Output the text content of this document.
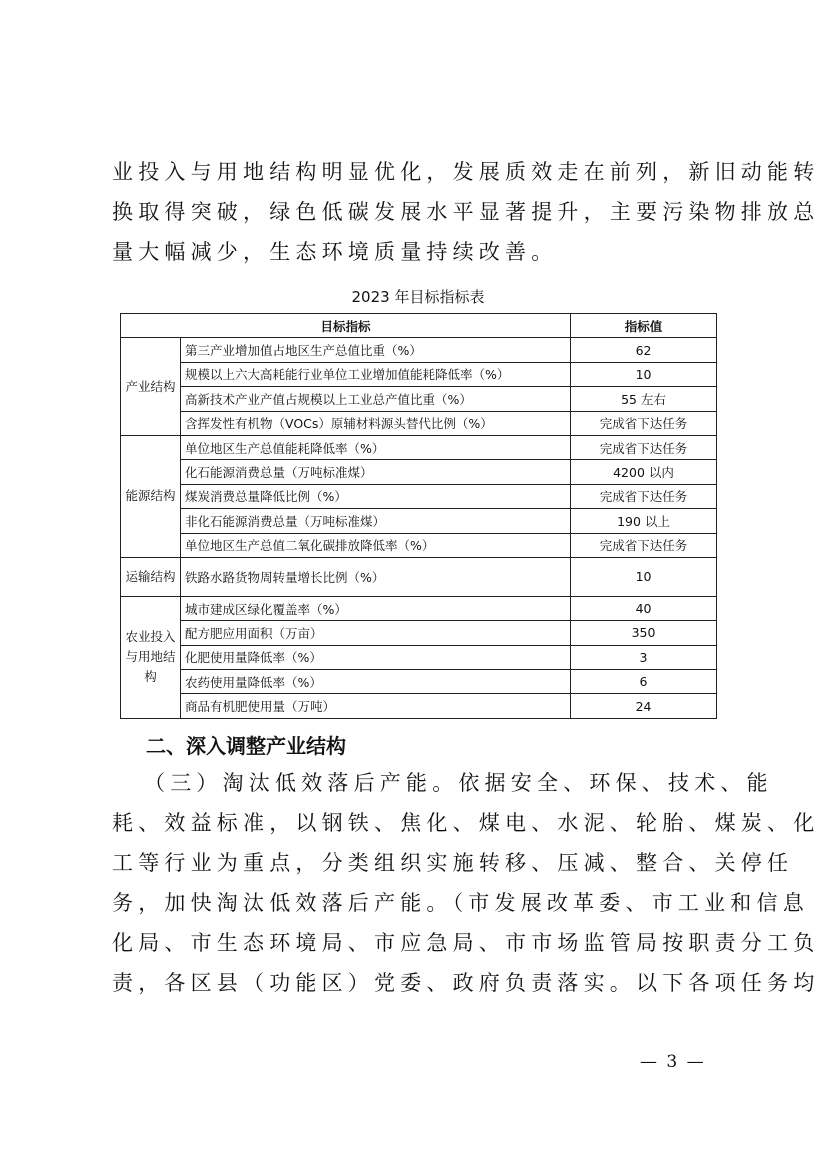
业投入与用地结构明显优化，发展质效走在前列，新旧动能转
换取得突破，绿色低碳发展水平显著提升，主要污染物排放总
量大幅减少，生态环境质量持续改善。

2023 年目标指标表

目标指标		指标值
产业结构	第三产业增加值占地区生产总值比重（%）	62
	规模以上六大高耗能行业单位工业增加值能耗降低率（%）	10
	高新技术产业产值占规模以上工业总产值比重（%）	55 左右
	含挥发性有机物（VOCs）原辅材料源头替代比例（%）	完成省下达任务
能源结构	单位地区生产总值能耗降低率（%）	完成省下达任务
	化石能源消费总量（万吨标准煤）	4200 以内
	煤炭消费总量降低比例（%）	完成省下达任务
	非化石能源消费总量（万吨标准煤）	190 以上
	单位地区生产总值二氧化碳排放降低率（%）	完成省下达任务
运输结构	铁路水路货物周转量增长比例（%）	10
农业投入与用地结构	城市建成区绿化覆盖率（%）	40
	配方肥应用面积（万亩）	350
	化肥使用量降低率（%）	3
	农药使用量降低率（%）	6
	商品有机肥使用量（万吨）	24
二、深入调整产业结构
（三）淘汰低效落后产能。依据安全、环保、技术、能
耗、效益标准，以钢铁、焦化、煤电、水泥、轮胎、煤炭、化
工等行业为重点，分类组织实施转移、压减、整合、关停任
务，加快淘汰低效落后产能。（市发展改革委、市工业和信息
化局、市生态环境局、市应急局、市市场监管局按职责分工负
责，各区县（功能区）党委、政府负责落实。以下各项任务均
— 3 —
